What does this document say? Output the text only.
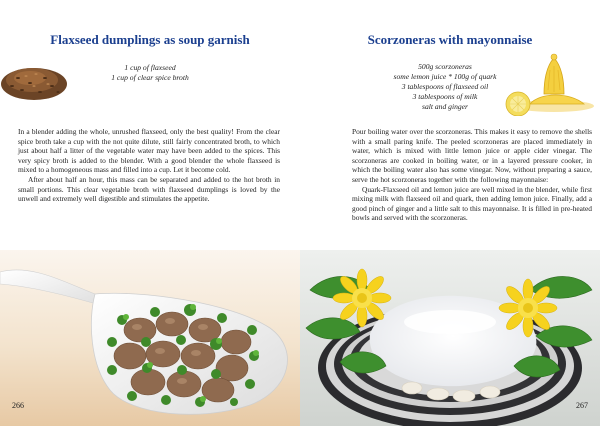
Flaxseed dumplings as soup garnish
1 cup of flaxseed
1 cup of clear spice broth

In a blender adding the whole, unrushed flaxseed, only the best quality! From the clear spice broth take a cup with the not quite dilute, still fairly concentrated broth, to which just about half a litter of the vegetable water may have been added to the spices. This very spicy broth is added to the blender. With a good blender the whole flaxseed is mixed to a homogeneous mass and filled into a cup. Let it become cold.

After about half an hour, this mass can be separated and added to the hot broth in small portions. This clear vegetable broth with flaxseed dumplings is loved by the unwell and extremely well digestible and stimulates the appetite.

266
Scorzoneras with mayonnaise
500g scorzoneras
some lemon juice * 100g of quark
3 tablespoons of flaxseed oil
3 tablespoons of milk
salt and ginger

Pour boiling water over the scorzoneras. This makes it easy to remove the shells with a small paring knife. The peeled scorzoneras are placed immediately in water, which is mixed with little lemon juice or apple cider vinegar. The scorzoneras are cooked in boiling water, or in a layered pressure cooker, in which the boiling water also has some vinegar. Now, without preparing a sauce, serve the hot scorzoneras together with the following mayonnaise:

Quark-Flaxseed oil and lemon juice are well mixed in the blender, while first mixing milk with flaxseed oil and quark, then adding lemon juice. Finally, add a good pinch of ginger and a little salt to this mayonnaise. It is filled in pre-heated bowls and served with the scorzoneras.

267
